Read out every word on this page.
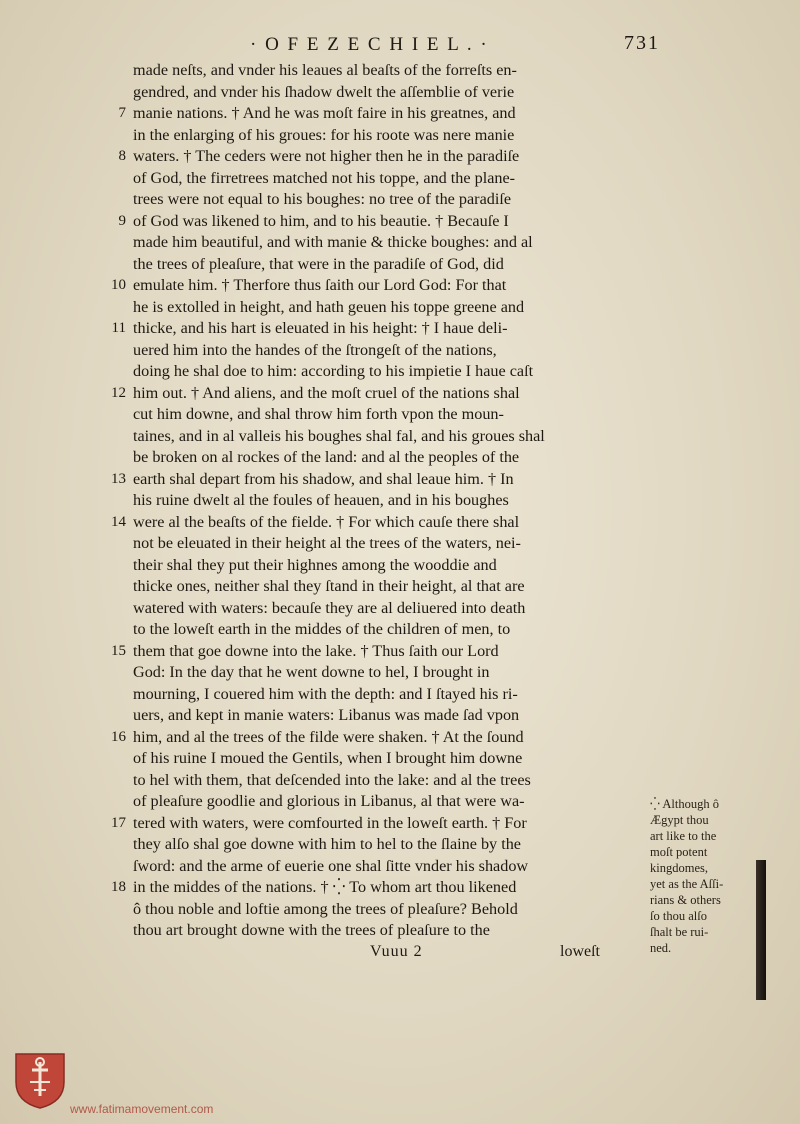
· O F E Z E C H I E L . ·	731
made neſts, and vnder his leaues al beaſts of the forreſts en-
gendred, and vnder his ſhadow dwelt the aſſemblie of verie
7 manie nations. † And he was moſt faire in his greatnes, and
in the enlarging of his groues: for his roote was nere manie
8 waters. † The ceders were not higher then he in the paradiſe
of God, the firretrees matched not his toppe, and the plane-
trees were not equal to his boughes: no tree of the paradiſe
9 of God was likened to him, and to his beautie. † Becauſe I
made him beautiful, and with manie & thicke boughes: and al
the trees of pleaſure, that were in the paradiſe of God, did
10 emulate him. † Therfore thus ſaith our Lord God: For that
he is extolled in height, and hath geuen his toppe greene and
11 thicke, and his hart is eleuated in his height: † I haue deli-
uered him into the handes of the ſtrongeſt of the nations,
doing he shal doe to him: according to his impietie I haue caſt
12 him out. † And aliens, and the moſt cruel of the nations shal
cut him downe, and shal throw him forth vpon the moun-
taines, and in al valleis his boughes shal fal, and his groues shal
be broken on al rockes of the land: and al the peoples of the
13 earth shal depart from his shadow, and shal leaue him. † In
his ruine dwelt al the foules of heauen, and in his boughes
14 were al the beaſts of the fielde. † For which cauſe there shal
not be eleuated in their height al the trees of the waters, nei-
their shal they put their highnes among the wooddie and
thicke ones, neither shal they ſtand in their height, al that are
watered with waters: becauſe they are al deliuered into death
to the loweſt earth in the middes of the children of men, to
15 them that goe downe into the lake. † Thus ſaith our Lord
God: In the day that he went downe to hel, I brought in
mourning, I couered him with the depth: and I ſtayed his ri-
uers, and kept in manie waters: Libanus was made ſad vpon
16 him, and al the trees of the filde were shaken. † At the ſound
of his ruine I moued the Gentils, when I brought him downe
to hel with them, that deſcended into the lake: and al the trees
of pleaſure goodlie and glorious in Libanus, al that were wa-
17 tered with waters, were comfourted in the loweſt earth. † For
they alſo shal goe downe with him to hel to the ſlaine by the
ſword: and the arme of euerie one shal ſitte vnder his shadow
18 in the middes of the nations. † ⁛ To whom art thou likened
ô thou noble and loftie among the trees of pleaſure? Behold
thou art brought downe with the trees of pleaſure to the
Vuuu 2	loweſt
⁛ Although ô
Ægypt thou
art like to the
moſt potent
kingdomes,
yet as the Aſſi-
rians & others
ſo thou alſo
ſhalt be rui-
ned.
www.fatimamovement.com
